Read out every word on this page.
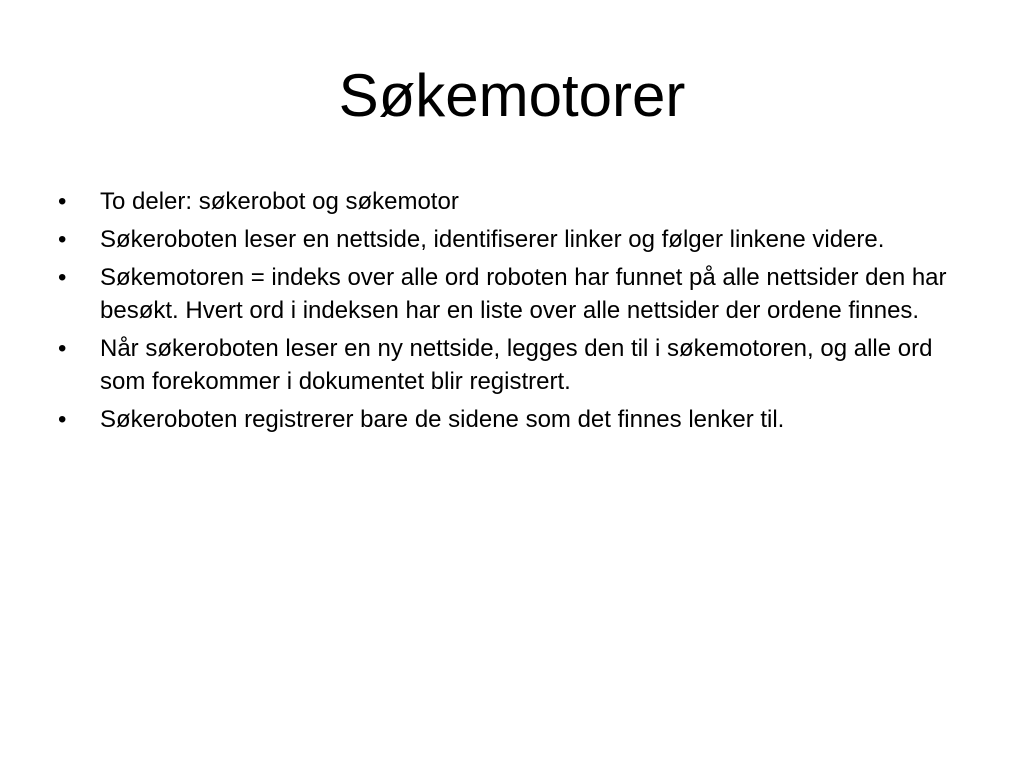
Søkemotorer
•	To deler: søkerobot og søkemotor
•	Søkeroboten leser en nettside, identifiserer linker og følger linkene videre.
•	Søkemotoren = indeks over alle ord roboten har funnet på alle nettsider den har besøkt. Hvert ord i indeksen har en liste over alle nettsider der ordene finnes.
•	Når søkeroboten leser en ny nettside, legges den til i søkemotoren, og alle ord som forekommer i dokumentet blir registrert.
•	Søkeroboten registrerer bare de sidene som det finnes lenker til.
